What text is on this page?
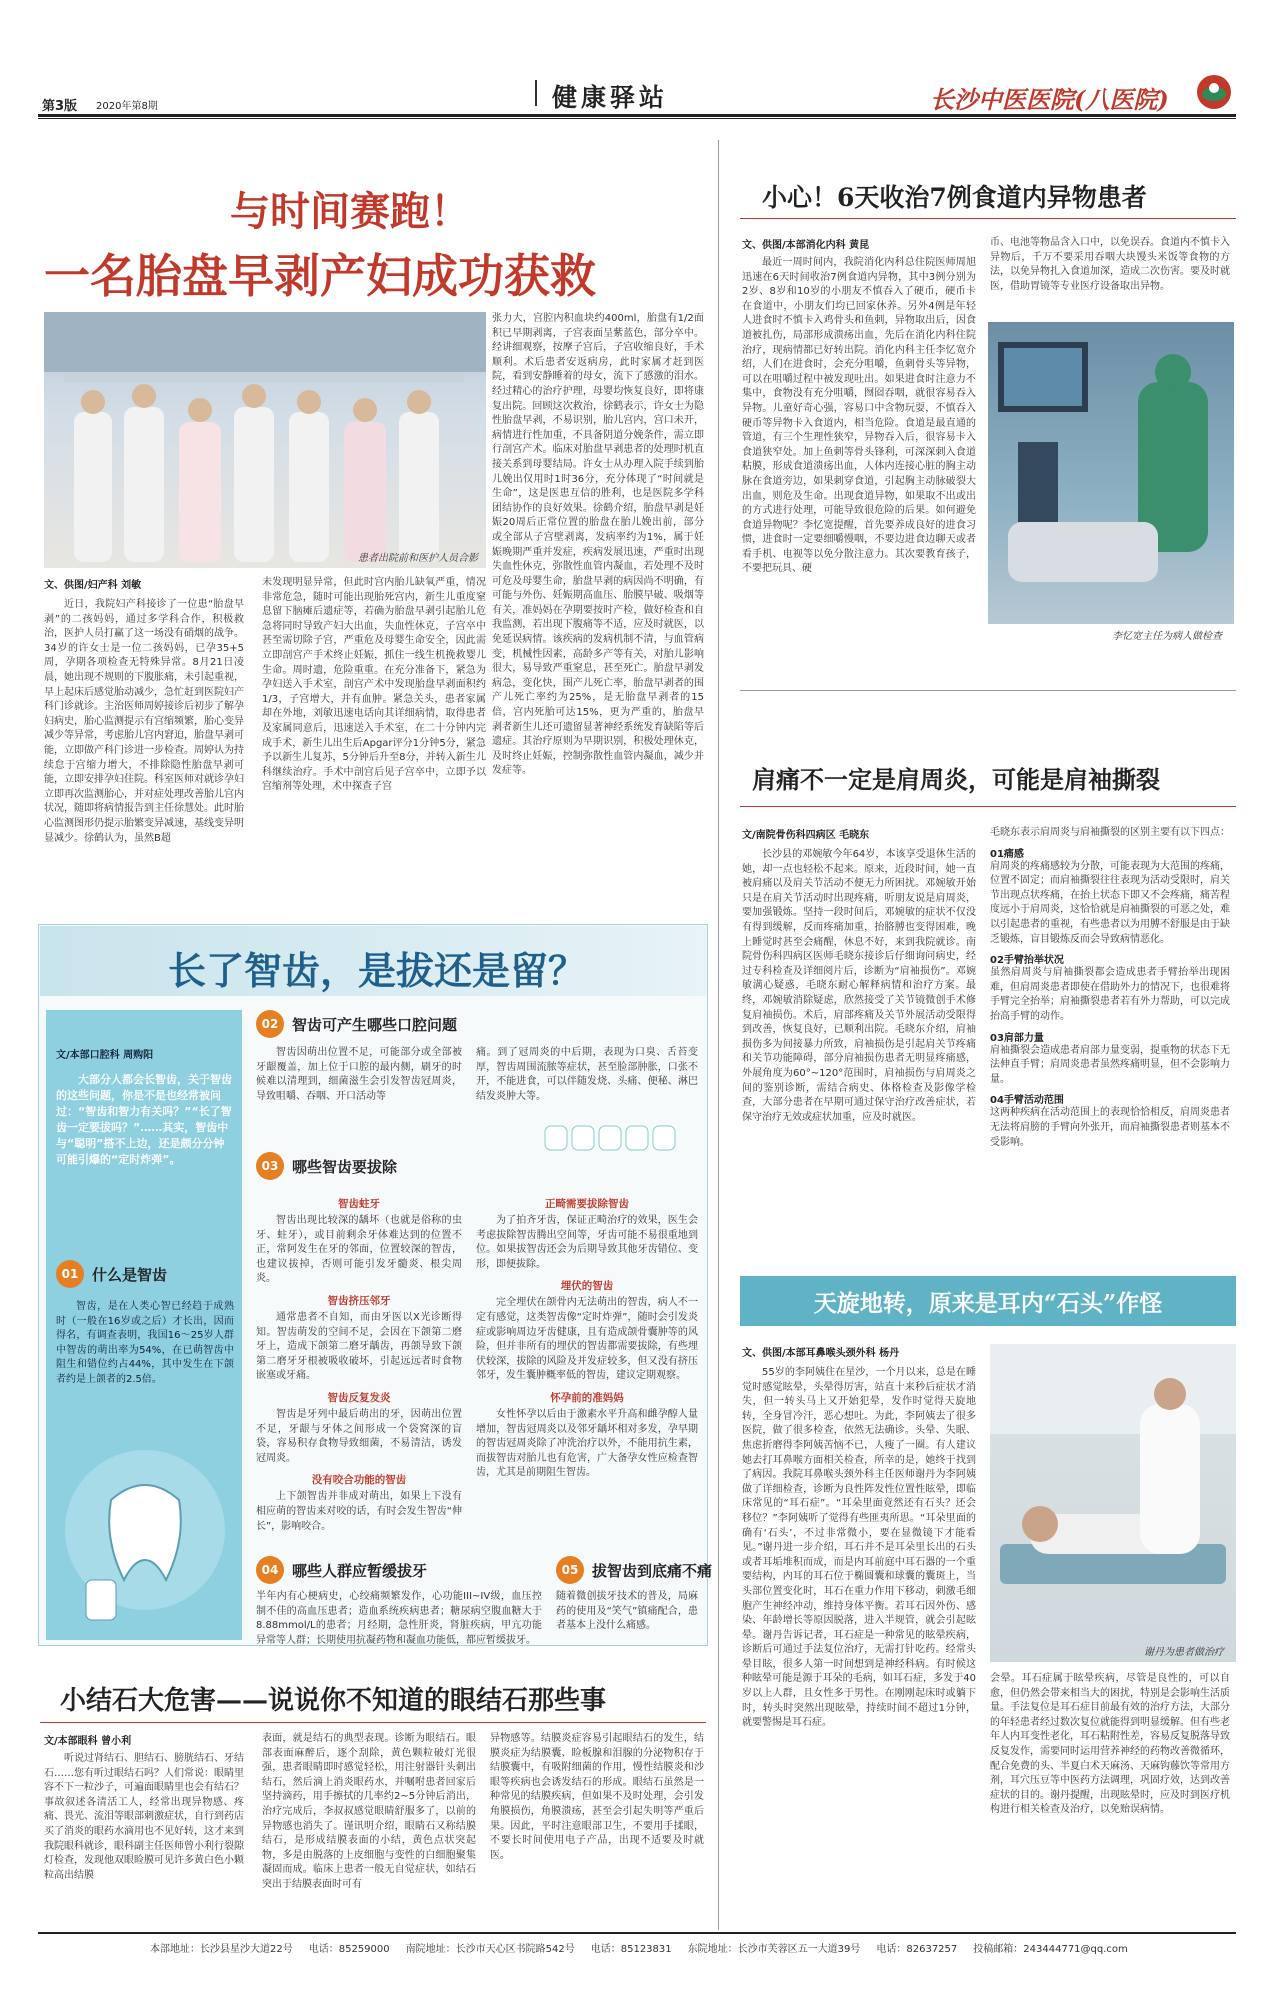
第3版 2020年第8期	健康驿站	长沙中医医院(八医院)
与时间赛跑！
一名胎盘早剥产妇成功获救
患者出院前和医护人员合影
文、供图/妇产科 刘敏
近日，我院妇产科接诊了一位患“胎盘早剥”的二孩妈妈，通过多学科合作，积极救治，医护人员打赢了这一场没有硝烟的战争。34岁的许女士是一位二孩妈妈，已孕35+5周，孕期各项检查无特殊异常。8月21日凌晨，她出现不规则的下腹胀痛，未引起重视，早上起床后感觉胎动减少，急忙赶到医院妇产科门诊就诊。主治医师周婷接诊后初步了解孕妇病史，胎心监测提示有宫缩频繁，胎心变异减少等异常，考虑胎儿宫内窘迫，胎盘早剥可能，立即做产科门诊进一步检查。周婷认为持续怠于宫缩力增大，不排除隐性胎盘早剥可能，立即安排孕妇住院。科室医师对就诊孕妇立即再次监测胎心，并对症处理改善胎儿宫内状况，随即将病情报告到主任徐慧处。此时胎心监测图形仍提示胎繁变异减速，基线变异明显减少。徐鹤认为，虽然B超
未发现明显异常，但此时宫内胎儿缺氧严重，情况非常危急，随时可能出现胎死宫内，新生儿重度窒息留下脑瘫后遗症等，若确为胎盘早剥引起胎儿危急将同时导致产妇大出血，失血性休克，子宫卒中甚至需切除子宫，严重危及母婴生命安全，因此需立即剖宫产手术终止妊娠，抓住一线生机挽救婴儿生命。周时遗，危险重重。在充分准备下，紧急为孕妇送入手术室，剖宫产术中发现胎盘早剥面积约1/3，子宫增大，并有血肿。紧急关头，患者家属却在外地，刘敏迅速电话向其详细病情，取得患者及家属同意后，迅速送入手术室，在二十分钟内完成手术，新生儿出生后Apgar评分1分钟5分，紧急予以新生儿复苏，5分钟后升至8分，并转入新生儿科继续治疗。手术中剖宫后见子宫卒中，立即予以宫缩剂等处理，术中探查子宫
张力大，宫腔内积血块约400ml，胎盘有1/2面积已早期剥离，子宫表面呈紫蓝色，部分卒中。经讲细观察，按摩子宫后，子宫收缩良好，手术顺利。术后患者安返病房，此时家属才赶到医院，看到安静睡着的母女，流下了感激的泪水。经过精心的治疗护理，母婴均恢复良好，即将康复出院。回顾这次救治，徐鹤表示，许女士为隐性胎盘早剥，不易识别，胎儿宫内，宫口未开，病情进行性加重，不具备阴道分娩条件，需立即行剖宫产术。临床对胎盘早剥患者的处理时机直接关系到母婴结局。许女士从办理入院手续到胎儿娩出仅用时1时36分，充分体现了“时间就是生命”，这是医患互信的胜利，也是医院多学科团结协作的良好效果。徐鹤介绍，胎盘早剥是妊娠20周后正常位置的胎盘在胎儿娩出前，部分或全部从子宫壁剥离，发病率约为1%，属于妊娠晚期严重并发症，疾病发展迅速，严重时出现失血性休克，弥散性血管内凝血，若处理不及时可危及母婴生命，胎盘早剥的病因尚不明确，有可能与外伤、妊娠期高血压、胎膜早破、吸烟等有关，准妈妈在孕期要按时产检，做好检查和自我监测，若出现下腹痛等不适，应及时就医，以免延误病情。该疾病的发病机制不清，与血管病变，机械性因素，高龄多产等有关，对胎儿影响很大，易导致严重窒息，甚至死亡。胎盘早剥发病急，变化快，围产儿死亡率，胎盘早剥者的围产儿死亡率约为25%，是无胎盘早剥者的15倍，宫内死胎可达15%，更为严重的，胎盘早剥者新生儿还可遗留显著神经系统发育缺陷等后遗症。其治疗原则为早期识别，积极处理休克，及时终止妊娠，控制弥散性血管内凝血，减少并发症等。
小心！6天收治7例食道内异物患者
文、供图/本部消化内科 黄昆
最近一周时间内，我院消化内科总住院医师周旭迅速在6天时间收治7例食道内异物，其中3例分别为2岁、8岁和10岁的小朋友不慎吞入了硬币，硬币卡在食道中，小朋友们均已回家休养。另外4例是年轻人进食时不慎卡入鸡骨头和鱼刺，异物取出后，因食道被扎伤，局部形成溃疡出血，先后在消化内科住院治疗，现病情都已好转出院。消化内科主任李忆宽介绍，人们在进食时，会充分咀嚼，鱼刺骨头等异物，可以在咀嚼过程中被发现吐出。如果进食时注意力不集中，食物没有充分咀嚼，囫囵吞咽，就很容易吞入异物。儿童好奇心强，容易口中含物玩耍，不慎吞入硬币等异物卡入食道内，相当危险。食道是最直通的管道，有三个生理性狭窄，异物吞入后，很容易卡入食道狭窄处。加上鱼刺等骨头锋利，可深深刺入食道粘膜，形成食道溃疡出血，人体内连接心脏的胸主动脉在食道旁边，如果刺穿食道，引起胸主动脉破裂大出血，则危及生命。出现食道异物，如果取不出或出的方式进行处理，可能导致很危险的后果。如何避免食道异物呢？李忆宽提醒，首先要养成良好的进食习惯，进食时一定要细嚼慢咽，不要边进食边聊天或者看手机、电视等以免分散注意力。其次要教育孩子，不要把玩具、硬
币、电池等物品含入口中，以免误吞。食道内不慎卡入异物后，千万不要采用吞咽大块馒头米饭等食物的方法，以免异物扎入食道加深，造成二次伤害。要及时就医，借助胃镜等专业医疗设备取出异物。
李忆宽主任为病人做检查
肩痛不一定是肩周炎，可能是肩袖撕裂
文/南院骨伤科四病区 毛晓东
长沙县的邓婉敏今年64岁，本该享受退休生活的她，却一点也轻松不起来。原来，近段时间，她一直被肩痛以及肩关节活动不便无力所困扰。邓婉敏开始只是在肩关节活动时出现疼痛，听朋友说是肩周炎，要加强锻炼。坚持一段时间后，邓婉敏的症状不仅没有得到缓解，反而疼痛加重，抬胳膊也变得困难，晚上睡觉时甚至会痛醒，休息不好，来到我院就诊。南院骨伤科四病区医师毛晓东接诊后仔细询问病史，经过专科检查及详细阅片后，诊断为“肩袖损伤”。邓婉敏满心疑惑，毛晓东耐心解释病情和治疗方案。最终，邓婉敏消除疑虑，欣然接受了关节镜微创手术修复肩袖损伤。术后，肩部疼痛及关节外展活动受限得到改善，恢复良好，已顺利出院。毛晓东介绍，肩袖损伤多为间接暴力所致，肩袖损伤是引起肩关节疼痛和关节功能障碍，部分肩袖损伤患者无明显疼痛感，外展角度为60°~120°范围时，肩袖损伤与肩周炎之间的鉴别诊断，需结合病史、体格检查及影像学检查，大部分患者在早期可通过保守治疗改善症状，若保守治疗无效或症状加重，应及时就医。
毛晓东表示肩周炎与肩袖撕裂的区别主要有以下四点：
01痛感
肩周炎的疼痛感较为分散，可能表现为大范围的疼痛，位置不固定；而肩袖撕裂往往表现为活动受限时，肩关节出现点状疼痛，在抬上状态下即又不会疼痛，痛苦程度远小于肩周炎，这恰恰就是肩袖撕裂的可恶之处，难以引起患者的重视，有些患者以为用膊不舒服是由于缺乏锻炼，盲目锻炼反而会导致病情恶化。
02手臂抬举状况
虽然肩周炎与肩袖撕裂都会造成患者手臂抬举出现困难，但肩周炎患者即使在借助外力的情况下，也很难将手臂完全抬举；肩袖撕裂患者若有外力帮助，可以完成抬高手臂的动作。
03肩部力量
肩袖撕裂会造成患者肩部力量变弱，提重物的状态下无法伸直手臂；肩周炎患者虽然疼痛明显，但不会影响力量。
04手臂活动范围
这两种疾病在活动范围上的表现恰恰相反，肩周炎患者无法将肩膀的手臂向外张开，而肩袖撕裂患者则基本不受影响。
天旋地转，原来是耳内“石头”作怪
文、供图/本部耳鼻喉头颈外科 杨丹
55岁的李阿姨住在星沙，一个月以来，总是在睡觉时感觉眩晕，头晕得厉害，站直十来秒后症状才消失，但一转头马上又开始犯晕，发作时觉得天旋地转，全身冒冷汗，恶心想吐。为此，李阿姨去了很多医院，做了很多检查，依然无法确诊。头晕、失眠、焦虑折磨得李阿姨苦恼不已，人瘦了一圈。有人建议她去打耳鼻喉方面相关检查，所幸的是，她终于找到了病因。我院耳鼻喉头颈外科主任医师谢丹为李阿姨做了详细检查，诊断为良性阵发性位置性眩晕，即临床常见的“耳石症”。“耳朵里面竟然还有石头？还会移位？”李阿姨听了觉得有些匪夷所思。“耳朵里面的确有‘石头’，不过非常微小，要在显微镜下才能看见。”谢丹进一步介绍，耳石并不是耳朵里长出的石头或者耳垢堆积而成，而是内耳前庭中耳石器的一个重要结构，内耳的耳石位于椭圆囊和球囊的囊斑上，当头部位置变化时，耳石在重力作用下移动，刺激毛细胞产生神经冲动，维持身体平衡。若耳石因外伤、感染、年龄增长等原因脱落，进入半规管，就会引起眩晕。谢丹告诉记者，耳石症是一种常见的眩晕疾病，诊断后可通过手法复位治疗，无需打针吃药。经常头晕目眩，很多人第一时间想到是神经科病。有时候这种眩晕可能是源于耳朵的毛病，如耳石症，多发于40岁以上人群，且女性多于男性。在刚刚起床时或躺下时，转头时突然出现眩晕，持续时间不超过1分钟，就要警惕是耳石症。
谢丹为患者做治疗
会晕。耳石症属于眩晕疾病，尽管是良性的，可以自愈，但仍然会带来相当大的困扰，特别是会影响生活质量。手法复位是耳石症目前最有效的治疗方法，大部分的年轻患者经过数次复位就能得到明显缓解。但有些老年人内耳变性老化，耳石粘附性差，容易反复脱落导致反复发作，需要同时运用营养神经的药物改善微循环，配合免费的头、半夏白术天麻汤、天麻钩藤饮等常用方剂，耳穴压豆等中医药方法调理，巩固疗效，达到改善症状的目的。谢丹提醒，出现眩晕时，应及时到医疗机构进行相关检查及治疗，以免贻误病情。
长了智齿，是拔还是留？
文/本部口腔科 周购阳
大部分人都会长智齿，关于智齿的这些问题，你是不是也经常被问过：“智齿和智力有关吗？”“长了智齿一定要拔吗？”……其实，智齿中与“聪明”搭不上边，还是颇分分钟可能引爆的“定时炸弹”。
01 什么是智齿
智齿，是在人类心智已经趋于成熟时（一般在16岁或之后）才长出，因而得名，有调查表明，我国16～25岁人群中智齿的萌出率为54%，在已萌智齿中阻生和错位约占44%，其中发生在下颌者约是上颌者的2.5倍。
02 智齿可产生哪些口腔问题
智齿因萌出位置不足，可能部分或全部被牙龈覆盖，加上位于口腔的最内侧，刷牙的时候难以清理到，细菌滋生会引发智齿冠周炎，导致咀嚼、吞咽、开口活动等
痛。到了冠周炎的中后期，表现为口臭、舌苔变厚，智齿周围流脓等症状，甚至脸部肿胀，口张不开，不能进食，可以伴随发烧、头痛、便秘、淋巴结发炎肿大等。
03 哪些智齿要拔除
智齿蛀牙
智齿出现比较深的龋坏（也就是俗称的虫牙、蛀牙），或目前剩余牙体难达到的位置不正，常阿发生在牙的邻面，位置较深的智齿，也建议拔掉，否则可能引发牙髓炎、根尖周炎。
智齿挤压邻牙
通常患者不自知，而由牙医以X光诊断得知。智齿萌发的空间不足，会因在下颌第二磨牙上，造成下颌第二磨牙龋齿，再颌导致下颌第二磨牙牙根被吸收破坏，引起远远者时食物嵌塞或牙痛。
智齿反复发炎
智齿是牙列中最后萌出的牙，因萌出位置不足，牙龈与牙体之间形成一个袋窝深的盲袋，容易积存食物导致细菌，不易清洁，诱发冠周炎。
没有咬合功能的智齿
上下颌智齿并非成对萌出，如果上下没有相应萌的智齿来对咬的话，有时会发生智齿“伸长”，影响咬合。
正畸需要拔除智齿
为了拍齐牙齿，保证正畸治疗的效果，医生会考虑拔除智齿腾出空间等，牙齿可能不易很重地到位。如果拔智齿还会为后期导致其他牙齿错位、变形，即便拔除。
埋伏的智齿
完全埋伏在颌骨内无法萌出的智齿，病人不一定有感觉，这类智齿像“定时炸弹”，随时会引发炎症或影响周边牙齿健康，且有造成颌骨囊肿等的风险，但并非所有的埋伏的智齿都需要拔除，有些埋伏较深，拔除的风险及并发症较多，但又没有挤压邻牙，发生囊肿概率低的智齿，建议定期观察。
怀孕前的准妈妈
女性怀孕以后由于激素水平升高和雌孕醇人量增加，智齿冠周炎以及邻牙龋坏相对多发，孕早期的智齿冠周炎除了冲洗治疗以外，不能用抗生素，而拔智齿对胎儿也有危害，广大备孕女性应检查智齿，尤其是前期阻生智齿。
04 哪些人群应暂缓拔牙
半年内有心梗病史，心绞痛频繁发作，心功能III~IV级，血压控制不佳的高血压患者；造血系统疾病患者；糖尿病空腹血糖大于8.88mmol/L的患者；月经期，急性肝炎，肾脏疾病，甲亢功能异常等人群；长期使用抗凝药物和凝血功能低，都应暂缓拔牙。
05 拔智齿到底痛不痛
随着微创拔牙技术的普及，局麻药的使用及“笑气”镇痛配合，患者基本上没什么痛感。
小结石大危害——说说你不知道的眼结石那些事
文/本部眼科 曾小利
听说过肾结石、胆结石、膀胱结石、牙结石……您有听过眼结石吗？人们常说：眼睛里容不下一粒沙子，可遍面眼睛里也会有结石？事故叙述各清活工人，经常出现异物感、疼痛、畏光、流泪等眼部刺激症状，自行到药店买了消炎的眼药水滴用也不见好转，这才来到我院眼科就诊，眼科副主任医师曾小利行裂隙灯检查，发现他双眼睑膜可见许多黄白色小颗粒高出结膜
表面，就是结石的典型表现。诊断为眼结石。眼部表面麻醉后，逐个刮除，黄色颗粒破灯光很强，患者眼睛即时感觉轻松，用注射器针头刺出结石，然后滴上消炎眼药水，并嘱咐患者回家后坚持滴药，用手擦拭的几率约2~5分钟后消出，治疗完成后，李叔叔感觉眼睛舒服多了，以前的异物感也消失了。谨讯明介绍，眼睛石又称结膜结石，是形成结膜表面的小结，黄色点状突起物，多是由脱落的上皮细胞与变性的白细胞聚集凝固而成。临床上患者一般无自觉症状，如结石突出于结膜表面时可有
异物感等。结膜炎症容易引起眼结石的发生，结膜炎症为结膜囊、睑板腺和泪腺的分泌物积存于结膜囊中，有吸附细菌的作用，慢性结膜炎和沙眼等疾病也会诱发结石的形成。眼结石虽然是一种常见的结膜疾病，但如果不及时处理，会引发角膜损伤，角膜溃疡，甚至会引起失明等严重后果。因此，平时注意眼部卫生，不要用手揉眼，不要长时间使用电子产品，出现不适要及时就医。
本部地址：长沙县星沙大道22号 电话：85259000 南院地址：长沙市天心区书院路542号 电话：85123831 东院地址：长沙市芙蓉区五一大道39号 电话：82637257 投稿邮箱：243444771@qq.com
